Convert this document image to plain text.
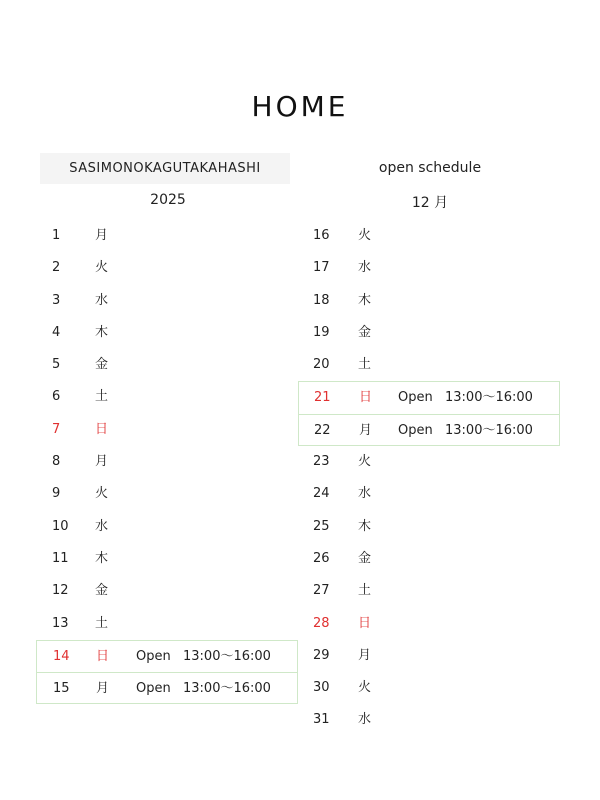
HOME
SASIMONOKAGUTAKAHASHI	open schedule
2025	12 月
1	月
2	火
3	水
4	木
5	金
6	土
7	日
8	月
9	火
10	水
11	木
12	金
13	土
14	日	Open 13:00～16:00
15	月	Open 13:00～16:00
16	火
17	水
18	木
19	金
20	土
21	日	Open 13:00～16:00
22	月	Open 13:00～16:00
23	火
24	水
25	木
26	金
27	土
28	日
29	月
30	火
31	水
